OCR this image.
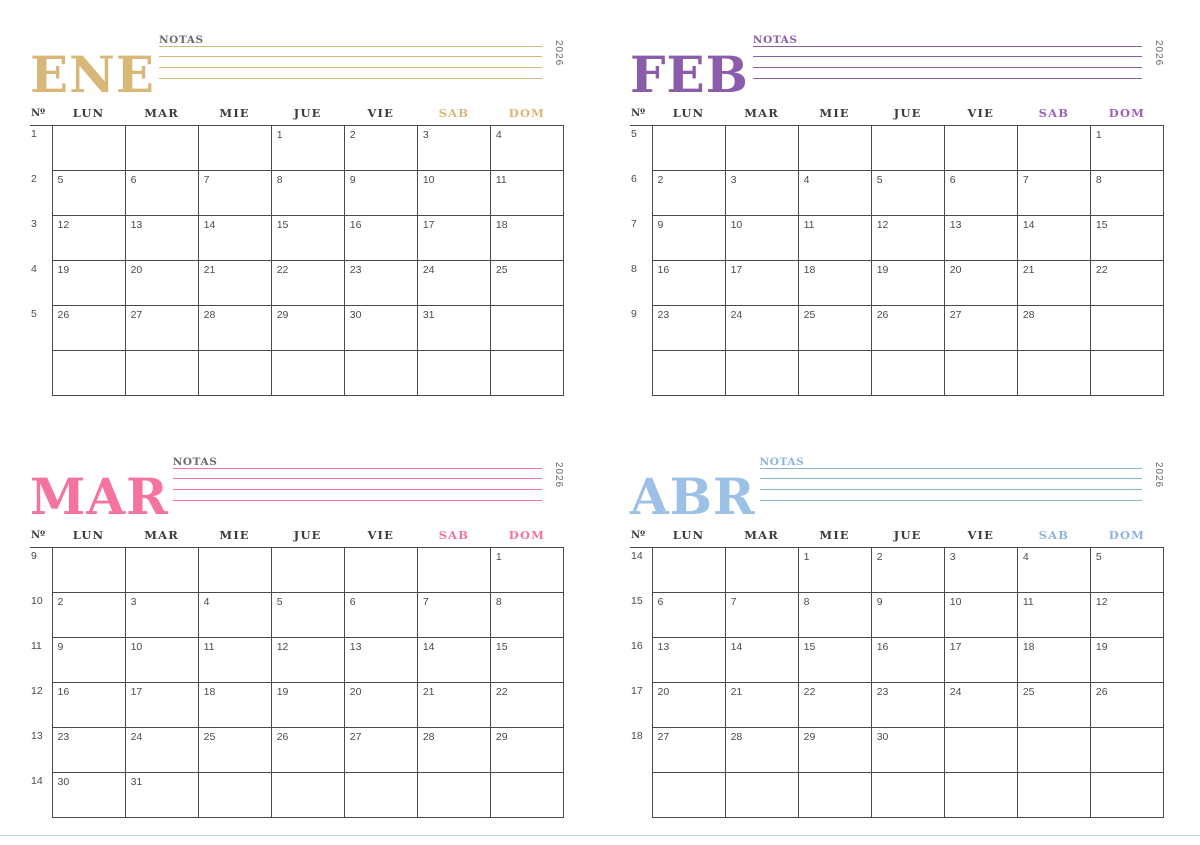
ENE
NOTAS	2026
Nº	LUN	MAR	MIE	JUE	VIE	SAB	DOM
1				1	2	3	4
2	5	6	7	8	9	10	11
3	12	13	14	15	16	17	18
4	19	20	21	22	23	24	25
5	26	27	28	29	30	31	

FEB
NOTAS	2026
Nº	LUN	MAR	MIE	JUE	VIE	SAB	DOM
5							1
6	2	3	4	5	6	7	8
7	9	10	11	12	13	14	15
8	16	17	18	19	20	21	22
9	23	24	25	26	27	28	

MAR
NOTAS	2026
Nº	LUN	MAR	MIE	JUE	VIE	SAB	DOM
9							1
10	2	3	4	5	6	7	8
11	9	10	11	12	13	14	15
12	16	17	18	19	20	21	22
13	23	24	25	26	27	28	29
14	30	31					
ABR
NOTAS	2026
Nº	LUN	MAR	MIE	JUE	VIE	SAB	DOM
14			1	2	3	4	5
15	6	7	8	9	10	11	12
16	13	14	15	16	17	18	19
17	20	21	22	23	24	25	26
18	27	28	29	30			
